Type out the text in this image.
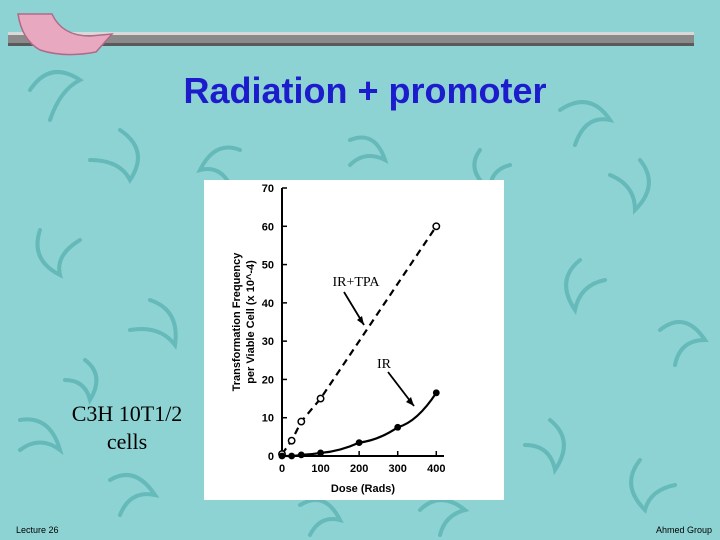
Radiation + promoter
0
10
20
30
40
50
60
70
0 100 200 300 400
Dose (Rads)
Transformation Frequency per Viable Cell (x 10^-4)	IR+TPA
IR
C3H 10T1/2
cells
Lecture 26	Ahmed Group
